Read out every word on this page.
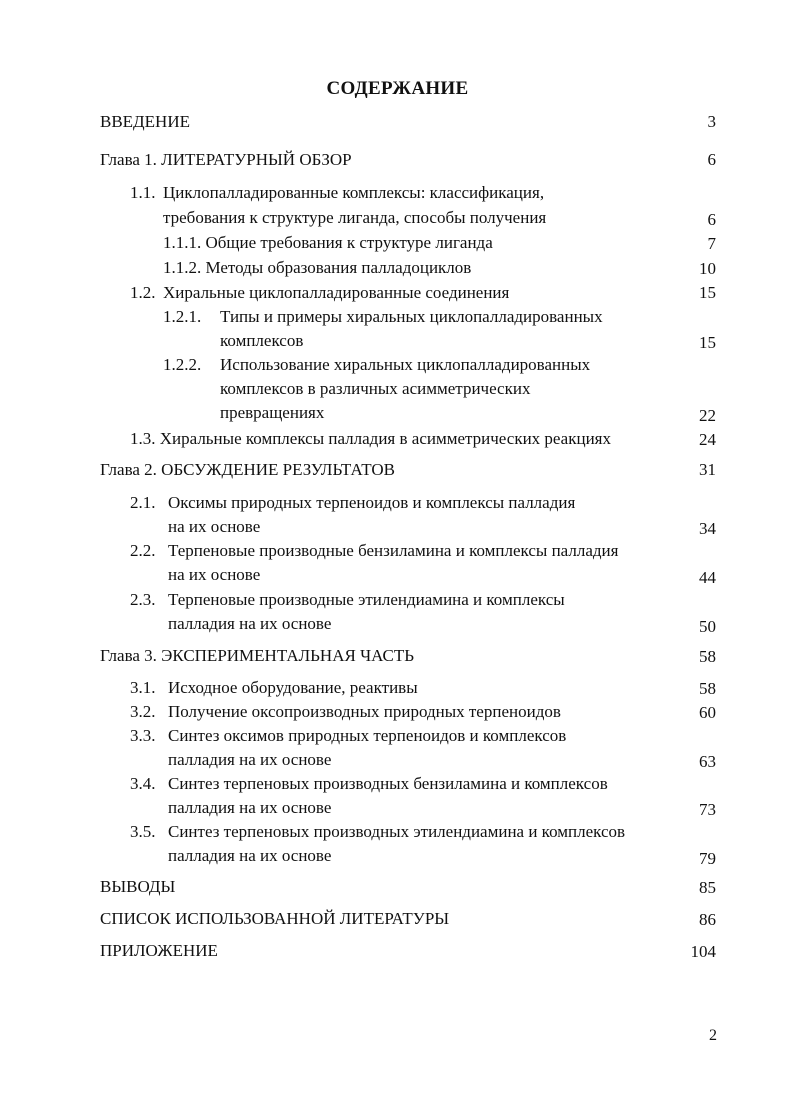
СОДЕРЖАНИЕ
ВВЕДЕНИЕ	3
Глава 1. ЛИТЕРАТУРНЫЙ ОБЗОР	6
1.1. Циклопалладированные комплексы: классификация,
требования к структуре лиганда, способы получения	6
1.1.1. Общие требования к структуре лиганда	7
1.1.2. Методы образования палладоциклов	10
1.2. Хиральные циклопалладированные соединения	15
1.2.1. Типы и примеры хиральных циклопалладированных
комплексов	15
1.2.2. Использование хиральных циклопалладированных
комплексов в различных асимметрических
превращениях	22
1.3. Хиральные комплексы палладия в асимметрических реакциях	24
Глава 2. ОБСУЖДЕНИЕ РЕЗУЛЬТАТОВ	31
2.1. Оксимы природных терпеноидов и комплексы палладия
на их основе	34
2.2. Терпеновые производные бензиламина и комплексы палладия
на их основе	44
2.3. Терпеновые производные этилендиамина и комплексы
палладия на их основе	50
Глава 3. ЭКСПЕРИМЕНТАЛЬНАЯ ЧАСТЬ	58
3.1. Исходное оборудование, реактивы	58
3.2. Получение оксопроизводных природных терпеноидов	60
3.3. Синтез оксимов природных терпеноидов и комплексов
палладия на их основе	63
3.4. Синтез терпеновых производных бензиламина и комплексов
палладия на их основе	73
3.5. Синтез терпеновых производных этилендиамина и комплексов
палладия на их основе	79
ВЫВОДЫ	85
СПИСОК ИСПОЛЬЗОВАННОЙ ЛИТЕРАТУРЫ	86
ПРИЛОЖЕНИЕ	104
2
